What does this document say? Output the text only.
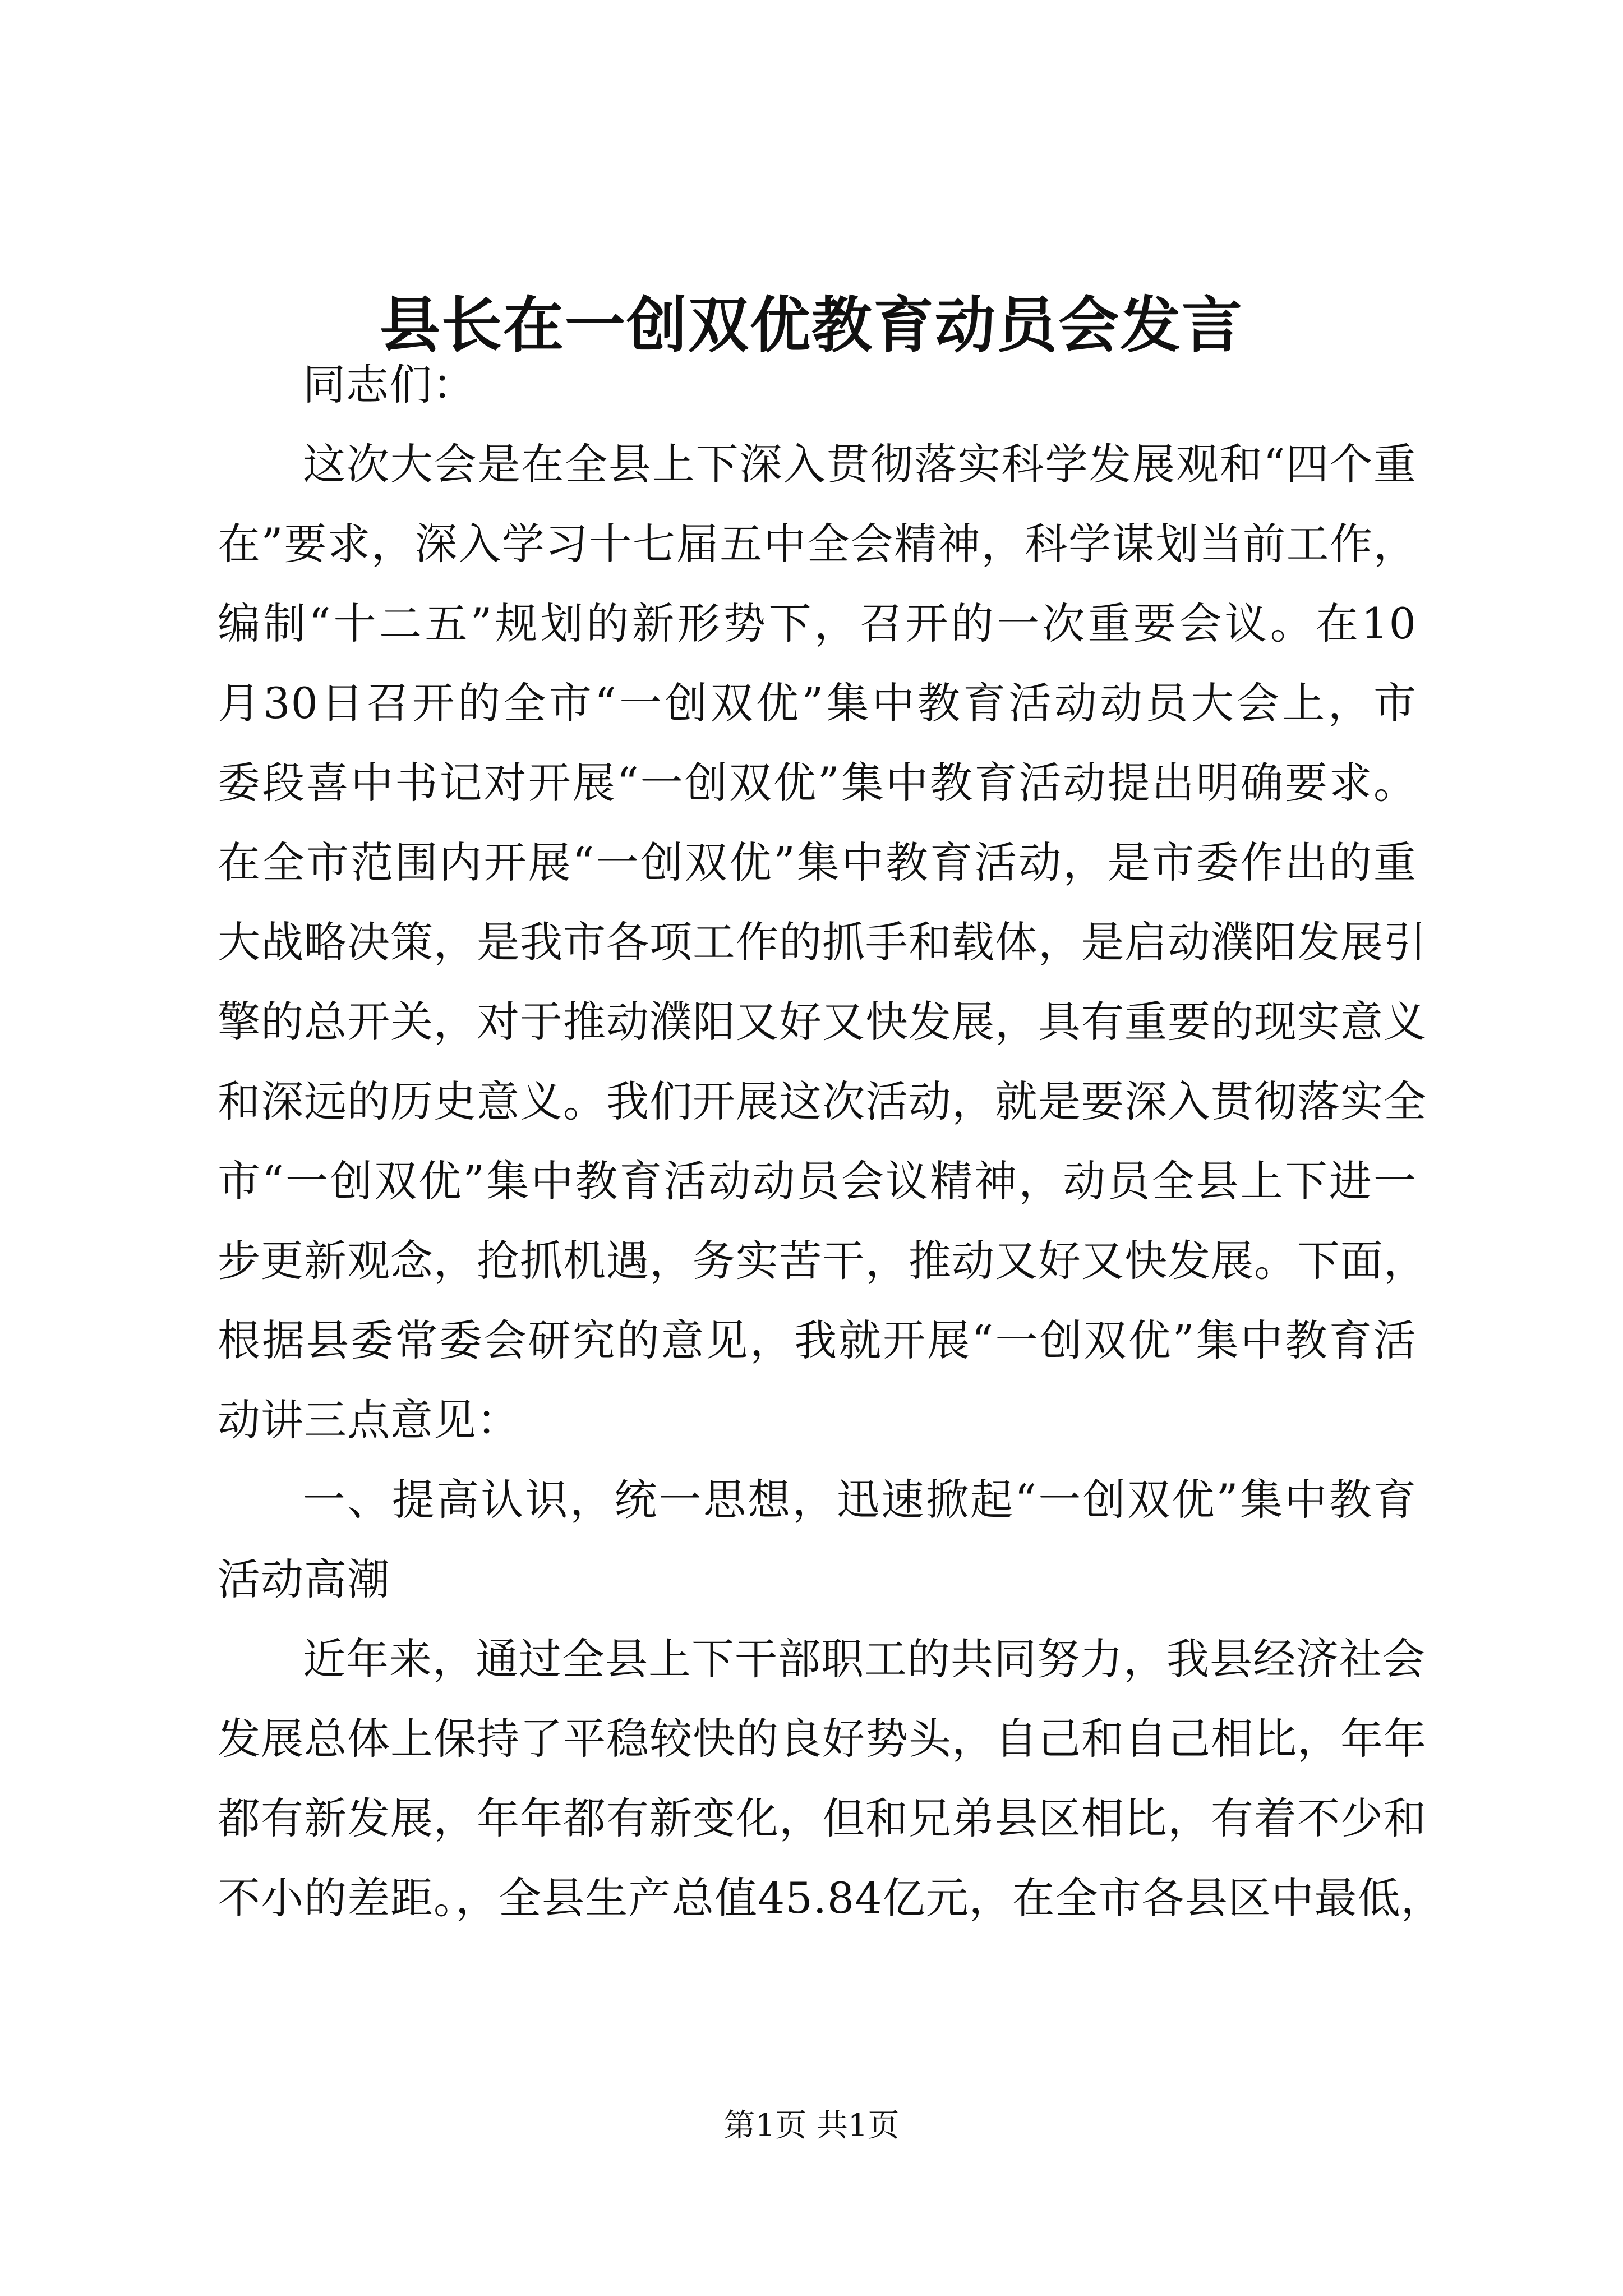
县长在一创双优教育动员会发言
同志们：
这次大会是在全县上下深入贯彻落实科学发展观和“四个重
在”要求，深入学习十七届五中全会精神，科学谋划当前工作，
编制“十二五”规划的新形势下，召开的一次重要会议。在10
月30日召开的全市“一创双优”集中教育活动动员大会上，市
委段喜中书记对开展“一创双优”集中教育活动提出明确要求。
在全市范围内开展“一创双优”集中教育活动，是市委作出的重
大战略决策，是我市各项工作的抓手和载体，是启动濮阳发展引
擎的总开关，对于推动濮阳又好又快发展，具有重要的现实意义
和深远的历史意义。我们开展这次活动，就是要深入贯彻落实全
市“一创双优”集中教育活动动员会议精神，动员全县上下进一
步更新观念，抢抓机遇，务实苦干，推动又好又快发展。下面，
根据县委常委会研究的意见，我就开展“一创双优”集中教育活
动讲三点意见：
一、提高认识，统一思想，迅速掀起“一创双优”集中教育
活动高潮
近年来，通过全县上下干部职工的共同努力，我县经济社会
发展总体上保持了平稳较快的良好势头，自己和自己相比，年年
都有新发展，年年都有新变化，但和兄弟县区相比，有着不少和
不小的差距。，全县生产总值45.84亿元，在全市各县区中最低，
第1页 共1页
